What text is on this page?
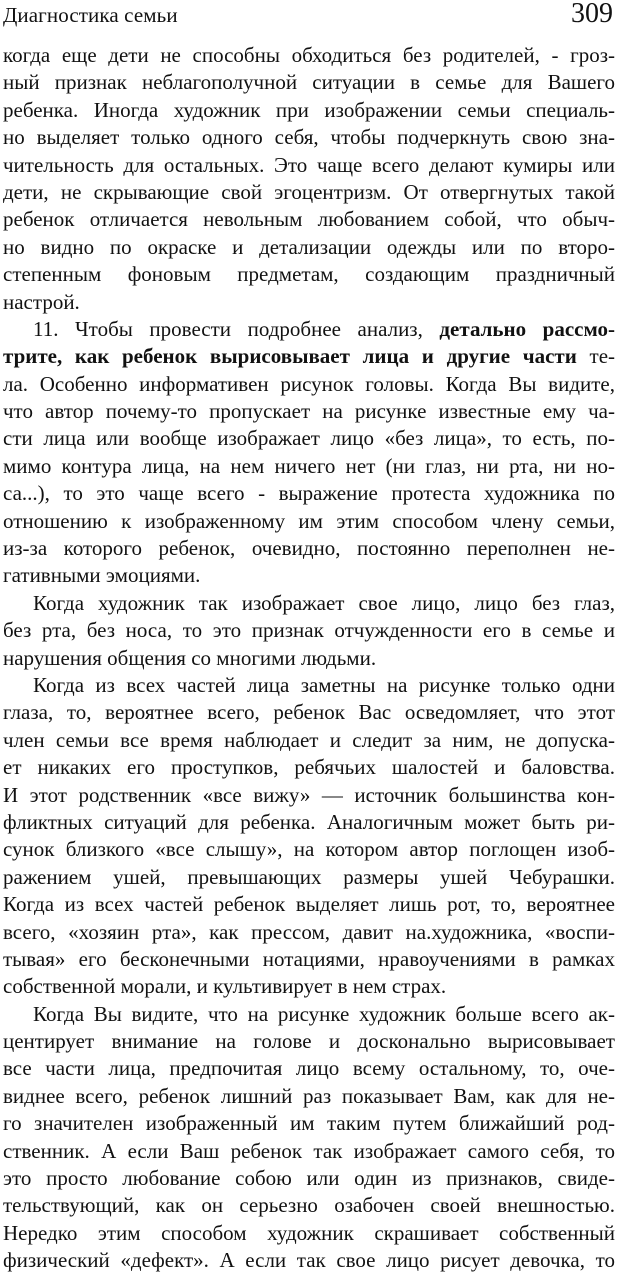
Диагностика семьи	309
когда еще дети не способны обходиться без родителей, - гроз-
ный признак неблагополучной ситуации в семье для Вашего
ребенка. Иногда художник при изображении семьи специаль-
но выделяет только одного себя, чтобы подчеркнуть свою зна-
чительность для остальных. Это чаще всего делают кумиры или
дети, не скрывающие свой эгоцентризм. От отвергнутых такой
ребенок отличается невольным любованием собой, что обыч-
но видно по окраске и детализации одежды или по второ-
степенным фоновым предметам, создающим праздничный
настрой.
11. Чтобы провести подробнее анализ, детально рассмо-
трите, как ребенок вырисовывает лица и другие части те-
ла. Особенно информативен рисунок головы. Когда Вы видите,
что автор почему-то пропускает на рисунке известные ему ча-
сти лица или вообще изображает лицо «без лица», то есть, по-
мимо контура лица, на нем ничего нет (ни глаз, ни рта, ни но-
са...), то это чаще всего - выражение протеста художника по
отношению к изображенному им этим способом члену семьи,
из-за которого ребенок, очевидно, постоянно переполнен не-
гативными эмоциями.
Когда художник так изображает свое лицо, лицо без глаз,
без рта, без носа, то это признак отчужденности его в семье и
нарушения общения со многими людьми.
Когда из всех частей лица заметны на рисунке только одни
глаза, то, вероятнее всего, ребенок Вас осведомляет, что этот
член семьи все время наблюдает и следит за ним, не допуска-
ет никаких его проступков, ребячьих шалостей и баловства.
И этот родственник «все вижу» — источник большинства кон-
фликтных ситуаций для ребенка. Аналогичным может быть ри-
сунок близкого «все слышу», на котором автор поглощен изоб-
ражением ушей, превышающих размеры ушей Чебурашки.
Когда из всех частей ребенок выделяет лишь рот, то, вероятнее
всего, «хозяин рта», как прессом, давит на.художника, «воспи-
тывая» его бесконечными нотациями, нравоучениями в рамках
собственной морали, и культивирует в нем страх.
Когда Вы видите, что на рисунке художник больше всего ак-
центирует внимание на голове и досконально вырисовывает
все части лица, предпочитая лицо всему остальному, то, оче-
виднее всего, ребенок лишний раз показывает Вам, как для не-
го значителен изображенный им таким путем ближайший род-
ственник. А если Ваш ребенок так изображает самого себя, то
это просто любование собою или один из признаков, свиде-
тельствующий, как он серьезно озабочен своей внешностью.
Нередко этим способом художник скрашивает собственный
физический «дефект». А если так свое лицо рисует девочка, то
